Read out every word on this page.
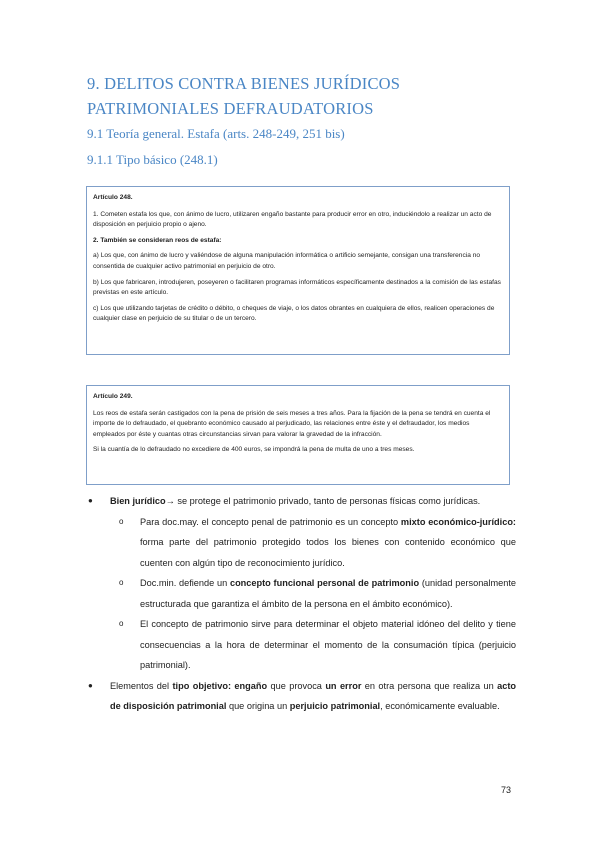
9. DELITOS CONTRA BIENES JURÍDICOS PATRIMONIALES DEFRAUDATORIOS
9.1 Teoría general. Estafa (arts. 248-249, 251 bis)
9.1.1 Tipo básico (248.1)

Artículo 248.

1. Cometen estafa los que, con ánimo de lucro, utilizaren engaño bastante para producir error en otro, induciéndolo a realizar un acto de disposición en perjuicio propio o ajeno.

2. También se consideran reos de estafa:

a) Los que, con ánimo de lucro y valiéndose de alguna manipulación informática o artificio semejante, consigan una transferencia no consentida de cualquier activo patrimonial en perjuicio de otro.

b) Los que fabricaren, introdujeren, poseyeren o facilitaren programas informáticos específicamente destinados a la comisión de las estafas previstas en este artículo.

c) Los que utilizando tarjetas de crédito o débito, o cheques de viaje, o los datos obrantes en cualquiera de ellos, realicen operaciones de cualquier clase en perjuicio de su titular o de un tercero.

Artículo 249.

Los reos de estafa serán castigados con la pena de prisión de seis meses a tres años. Para la fijación de la pena se tendrá en cuenta el importe de lo defraudado, el quebranto económico causado al perjudicado, las relaciones entre éste y el defraudador, los medios empleados por éste y cuantas otras circunstancias sirvan para valorar la gravedad de la infracción.

Si la cuantía de lo defraudado no excediere de 400 euros, se impondrá la pena de multa de uno a tres meses.

● Bien jurídico→ se protege el patrimonio privado, tanto de personas físicas como jurídicas.
o Para doc.may. el concepto penal de patrimonio es un concepto mixto económico-jurídico: forma parte del patrimonio protegido todos los bienes con contenido económico que cuenten con algún tipo de reconocimiento jurídico.
o Doc.min. defiende un concepto funcional personal de patrimonio (unidad personalmente estructurada que garantiza el ámbito de la persona en el ámbito económico).
o El concepto de patrimonio sirve para determinar el objeto material idóneo del delito y tiene consecuencias a la hora de determinar el momento de la consumación típica (perjuicio patrimonial).
● Elementos del tipo objetivo: engaño que provoca un error en otra persona que realiza un acto de disposición patrimonial que origina un perjuicio patrimonial, económicamente evaluable.
73
